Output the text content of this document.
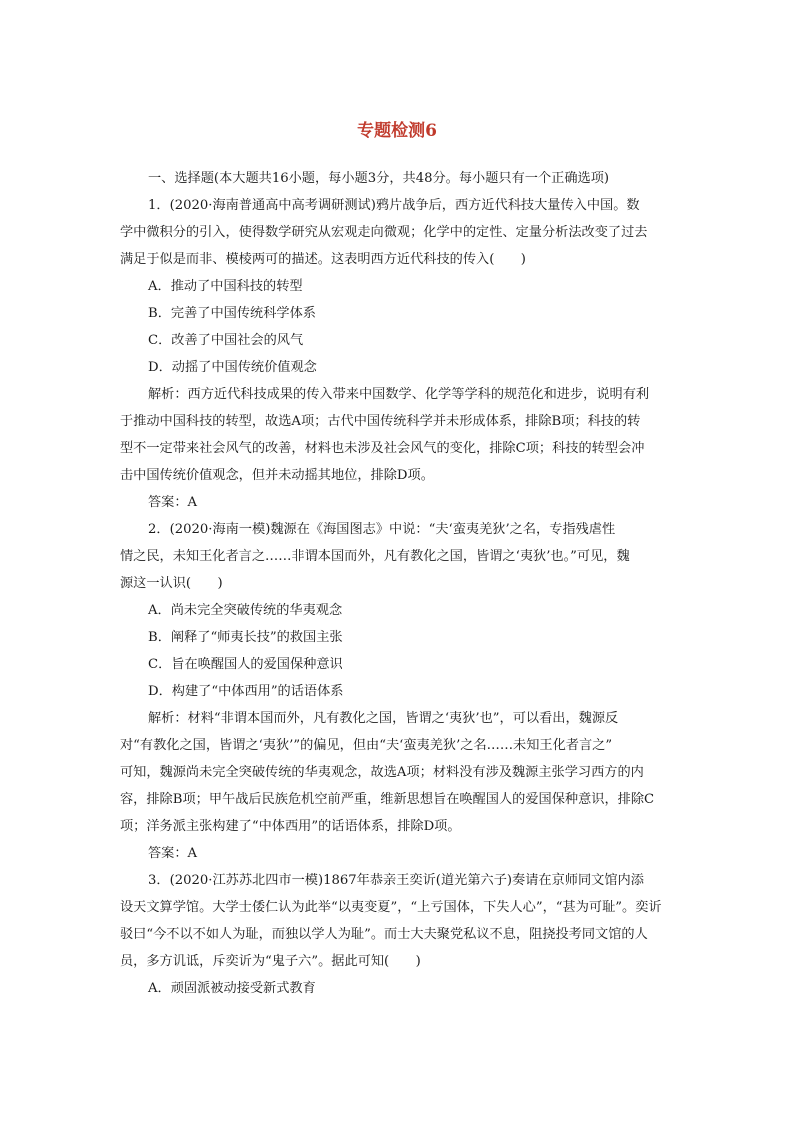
专题检测6
一、选择题(本大题共16小题，每小题3分，共48分。每小题只有一个正确选项)
1．(2020·海南普通高中高考调研测试)鸦片战争后，西方近代科技大量传入中国。数
学中微积分的引入，使得数学研究从宏观走向微观；化学中的定性、定量分析法改变了过去
满足于似是而非、模棱两可的描述。这表明西方近代科技的传入(　　)
A．推动了中国科技的转型
B．完善了中国传统科学体系
C．改善了中国社会的风气
D．动摇了中国传统价值观念
解析：西方近代科技成果的传入带来中国数学、化学等学科的规范化和进步，说明有利
于推动中国科技的转型，故选A项；古代中国传统科学并未形成体系，排除B项；科技的转
型不一定带来社会风气的改善，材料也未涉及社会风气的变化，排除C项；科技的转型会冲
击中国传统价值观念，但并未动摇其地位，排除D项。
答案：A
2．(2020·海南一模)魏源在《海国图志》中说：“夫‘蛮夷羌狄’之名，专指残虐性
情之民，未知王化者言之……非谓本国而外，凡有教化之国，皆谓之‘夷狄’也。”可见，魏
源这一认识(　　)
A．尚未完全突破传统的华夷观念
B．阐释了“师夷长技”的救国主张
C．旨在唤醒国人的爱国保种意识
D．构建了“中体西用”的话语体系
解析：材料“非谓本国而外，凡有教化之国，皆谓之‘夷狄’也”，可以看出，魏源反
对“有教化之国，皆谓之‘夷狄’”的偏见，但由“夫‘蛮夷羌狄’之名……未知王化者言之”
可知，魏源尚未完全突破传统的华夷观念，故选A项；材料没有涉及魏源主张学习西方的内
容，排除B项；甲午战后民族危机空前严重，维新思想旨在唤醒国人的爱国保种意识，排除C
项；洋务派主张构建了“中体西用”的话语体系，排除D项。
答案：A
3．(2020·江苏苏北四市一模)1867年恭亲王奕䜣(道光第六子)奏请在京师同文馆内添
设天文算学馆。大学士倭仁认为此举“以夷变夏”，“上亏国体，下失人心”，“甚为可耻”。奕䜣
驳曰“今不以不如人为耻，而独以学人为耻”。而士大夫聚党私议不息，阻挠投考同文馆的人
员，多方讥诋，斥奕䜣为“鬼子六”。据此可知(　　)
A．顽固派被动接受新式教育
